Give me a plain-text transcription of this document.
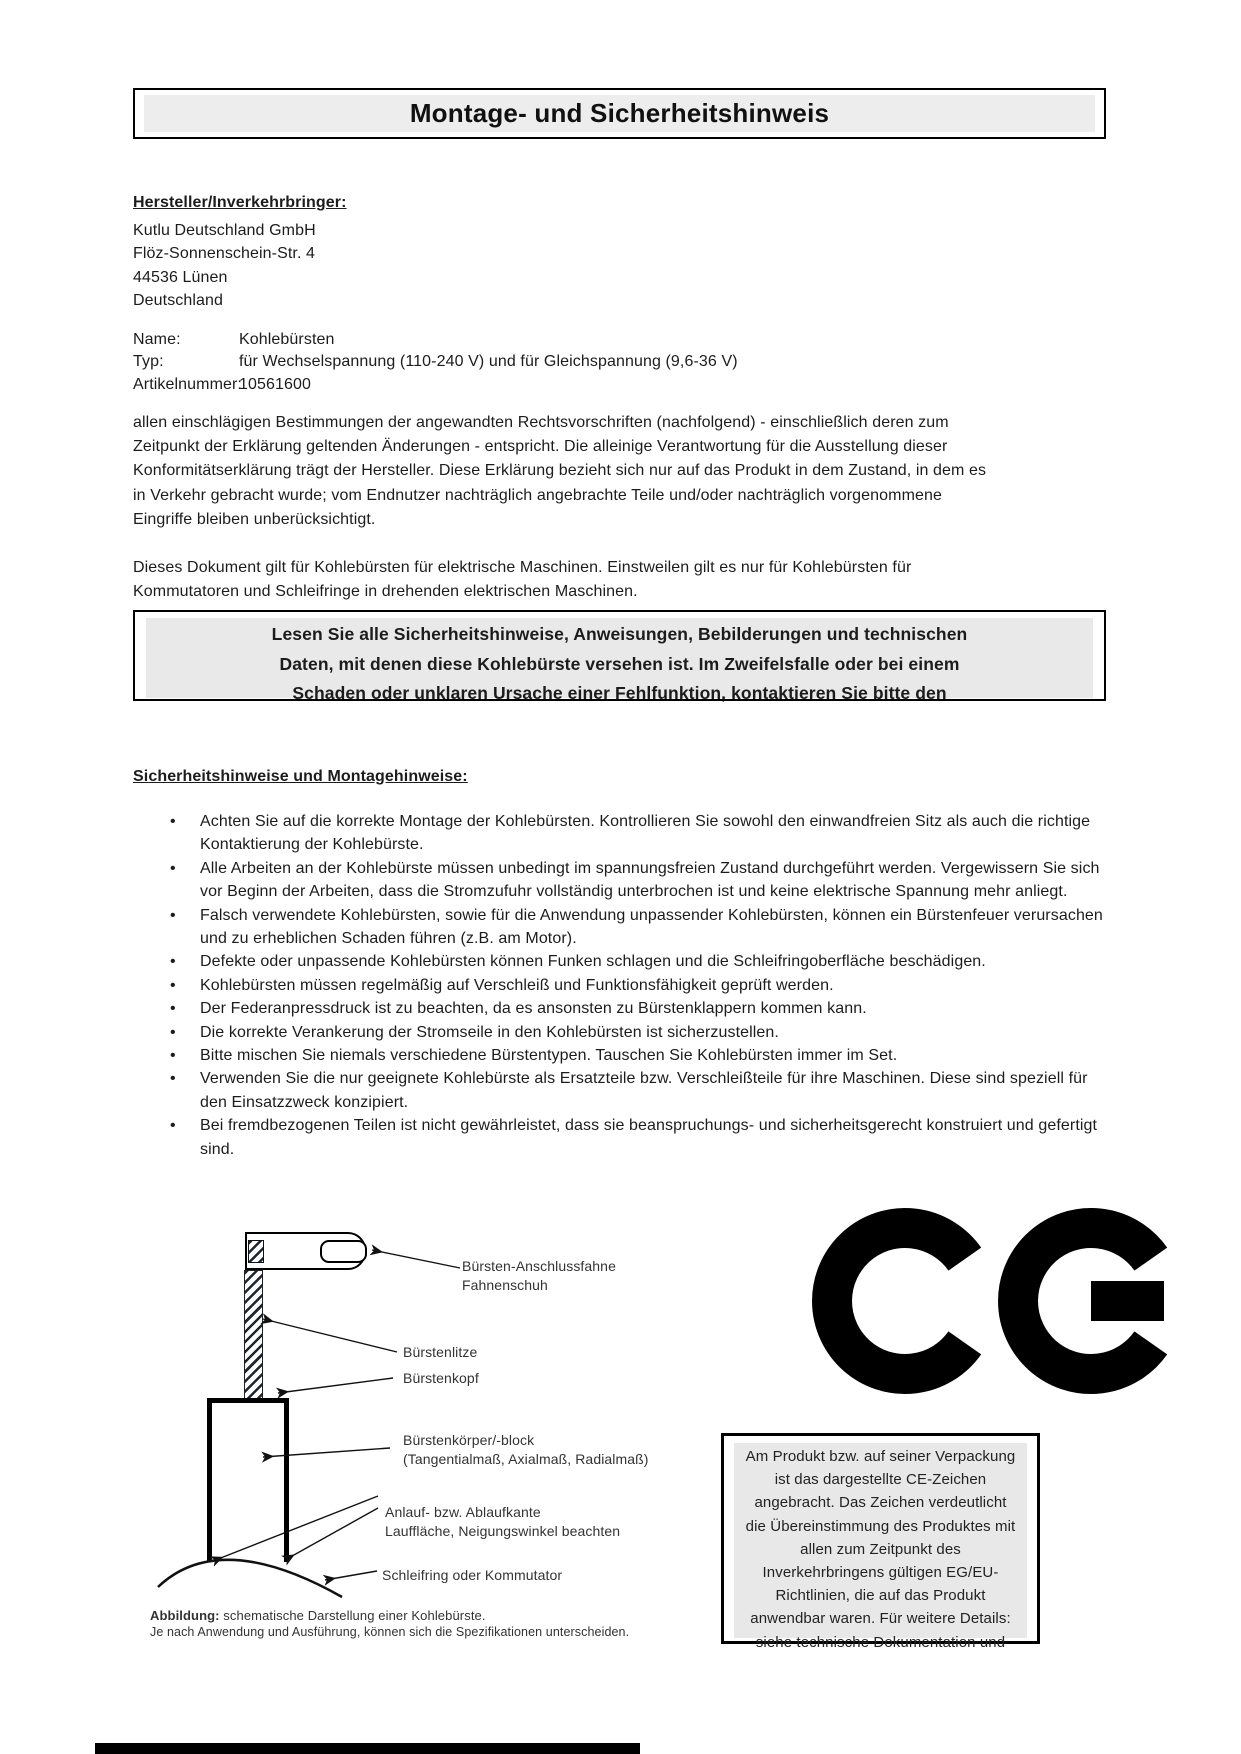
Montage- und Sicherheitshinweis
Hersteller/Inverkehrbringer:
Kutlu Deutschland GmbH
Flöz-Sonnenschein-Str. 4
44536 Lünen
Deutschland
Name:	Kohlebürsten
Typ:	für Wechselspannung (110-240 V) und für Gleichspannung (9,6-36 V)
Artikelnummer:
10561600
allen einschlägigen Bestimmungen der angewandten Rechtsvorschriften (nachfolgend) - einschließlich deren zum
Zeitpunkt der Erklärung geltenden Änderungen - entspricht. Die alleinige Verantwortung für die Ausstellung dieser
Konformitätserklärung trägt der Hersteller. Diese Erklärung bezieht sich nur auf das Produkt in dem Zustand, in dem es
in Verkehr gebracht wurde; vom Endnutzer nachträglich angebrachte Teile und/oder nachträglich vorgenommene
Eingriffe bleiben unberücksichtigt.
Dieses Dokument gilt für Kohlebürsten für elektrische Maschinen. Einstweilen gilt es nur für Kohlebürsten für
Kommutatoren und Schleifringe in drehenden elektrischen Maschinen.
Lesen Sie alle Sicherheitshinweise, Anweisungen, Bebilderungen und technischen
Daten, mit denen diese Kohlebürste versehen ist. Im Zweifelsfalle oder bei einem
Schaden oder unklaren Ursache einer Fehlfunktion, kontaktieren Sie bitte den
Sicherheitshinweise und Montagehinweise:
• Achten Sie auf die korrekte Montage der Kohlebürsten. Kontrollieren Sie sowohl den einwandfreien Sitz als auch die richtige Kontaktierung der Kohlebürste.
• Alle Arbeiten an der Kohlebürste müssen unbedingt im spannungsfreien Zustand durchgeführt werden. Vergewissern Sie sich vor Beginn der Arbeiten, dass die Stromzufuhr vollständig unterbrochen ist und keine elektrische Spannung mehr anliegt.
• Falsch verwendete Kohlebürsten, sowie für die Anwendung unpassender Kohlebürsten, können ein Bürstenfeuer verursachen und zu erheblichen Schaden führen (z.B. am Motor).
• Defekte oder unpassende Kohlebürsten können Funken schlagen und die Schleifringoberfläche beschädigen.
• Kohlebürsten müssen regelmäßig auf Verschleiß und Funktionsfähigkeit geprüft werden.
• Der Federanpressdruck ist zu beachten, da es ansonsten zu Bürstenklappern kommen kann.
• Die korrekte Verankerung der Stromseile in den Kohlebürsten ist sicherzustellen.
• Bitte mischen Sie niemals verschiedene Bürstentypen. Tauschen Sie Kohlebürsten immer im Set.
• Verwenden Sie die nur geeignete Kohlebürste als Ersatzteile bzw. Verschleißteile für ihre Maschinen. Diese sind speziell für den Einsatzzweck konzipiert.
• Bei fremdbezogenen Teilen ist nicht gewährleistet, dass sie beanspruchungs- und sicherheitsgerecht konstruiert und gefertigt sind.
Bürsten-Anschlussfahne
Fahnenschuh
Bürstenlitze
Bürstenkopf
Bürstenkörper/-block
(Tangentialmaß, Axialmaß, Radialmaß)
Anlauf- bzw. Ablaufkante
Lauffläche, Neigungswinkel beachten
Schleifring oder Kommutator
Abbildung: schematische Darstellung einer Kohlebürste.
Je nach Anwendung und Ausführung, können sich die Spezifikationen unterscheiden.
Am Produkt bzw. auf seiner Verpackung
ist das dargestellte CE-Zeichen
angebracht. Das Zeichen verdeutlicht
die Übereinstimmung des Produktes mit
allen zum Zeitpunkt des
Inverkehrbringens gültigen EG/EU-
Richtlinien, die auf das Produkt
anwendbar waren. Für weitere Details:
siehe technische Dokumentation und
